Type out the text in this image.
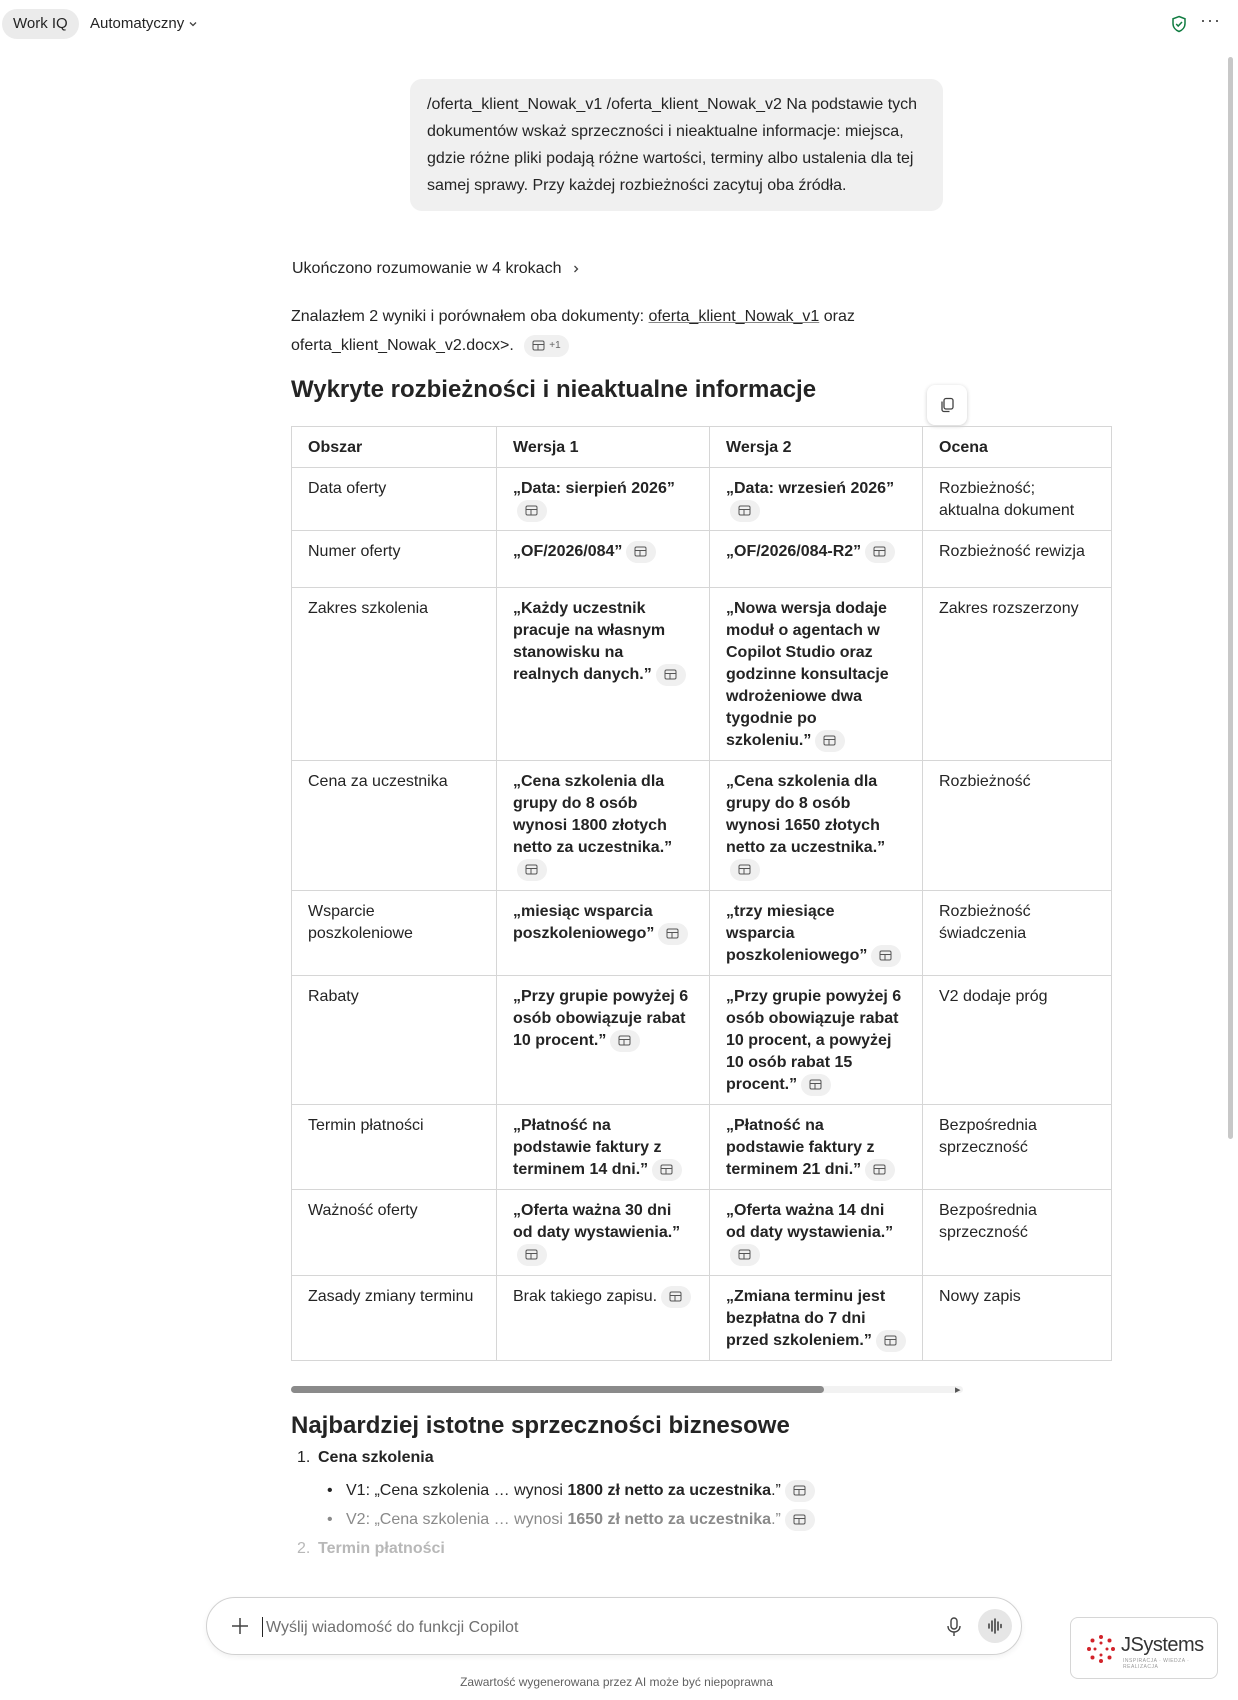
Work IQ	Automatyczny	···
/oferta_klient_Nowak_v1 /oferta_klient_Nowak_v2 Na podstawie tych dokumentów wskaż sprzeczności i nieaktualne informacje: miejsca, gdzie różne pliki podają różne wartości, terminy albo ustalenia dla tej samej sprawy. Przy każdej rozbieżności zacytuj oba źródła.
Ukończono rozumowanie w 4 krokach
Znalazłem 2 wyniki i porównałem oba dokumenty: oferta_klient_Nowak_v1 oraz
oferta_klient_Nowak_v2.docx>.	+1
Wykryte rozbieżności i nieaktualne informacje
Obszar	Wersja 1	Wersja 2	Ocena
Data oferty	„Data: sierpień 2026”	„Data: wrzesień 2026”	Rozbieżność; aktualna dokument
Numer oferty	„OF/2026/084”	„OF/2026/084-R2”	Rozbieżność rewizja
Zakres szkolenia	„Każdy uczestnik pracuje na własnym stanowisku na realnych danych.”	„Nowa wersja dodaje moduł o agentach w Copilot Studio oraz godzinne konsultacje wdrożeniowe dwa tygodnie po szkoleniu.”	Zakres rozszerzony
Cena za uczestnika	„Cena szkolenia dla grupy do 8 osób wynosi 1800 złotych netto za uczestnika.”	„Cena szkolenia dla grupy do 8 osób wynosi 1650 złotych netto za uczestnika.”	Rozbieżność
Wsparcie poszkoleniowe	„miesiąc wsparcia poszkoleniowego”	„trzy miesiące wsparcia poszkoleniowego”	Rozbieżność świadczenia
Rabaty	„Przy grupie powyżej 6 osób obowiązuje rabat 10 procent.”	„Przy grupie powyżej 6 osób obowiązuje rabat 10 procent, a powyżej 10 osób rabat 15 procent.”	V2 dodaje próg
Termin płatności	„Płatność na podstawie faktury z terminem 14 dni.”	„Płatność na podstawie faktury z terminem 21 dni.”	Bezpośrednia sprzeczność
Ważność oferty	„Oferta ważna 30 dni od daty wystawienia.”	„Oferta ważna 14 dni od daty wystawienia.”	Bezpośrednia sprzeczność
Zasady zmiany terminu	Brak takiego zapisu.	„Zmiana terminu jest bezpłatna do 7 dni przed szkoleniem.”	Nowy zapis
▸
Najbardziej istotne sprzeczności biznesowe
1. Cena szkolenia
• V1: „Cena szkolenia … wynosi 1800 zł netto za uczestnika.”
• V2: „Cena szkolenia … wynosi 1650 zł netto za uczestnika.”
2. Termin płatności
Wyślij wiadomość do funkcji Copilot
Zawartość wygenerowana przez AI może być niepoprawna
JSystems
INSPIRACJA · WIEDZA · REALIZACJA
